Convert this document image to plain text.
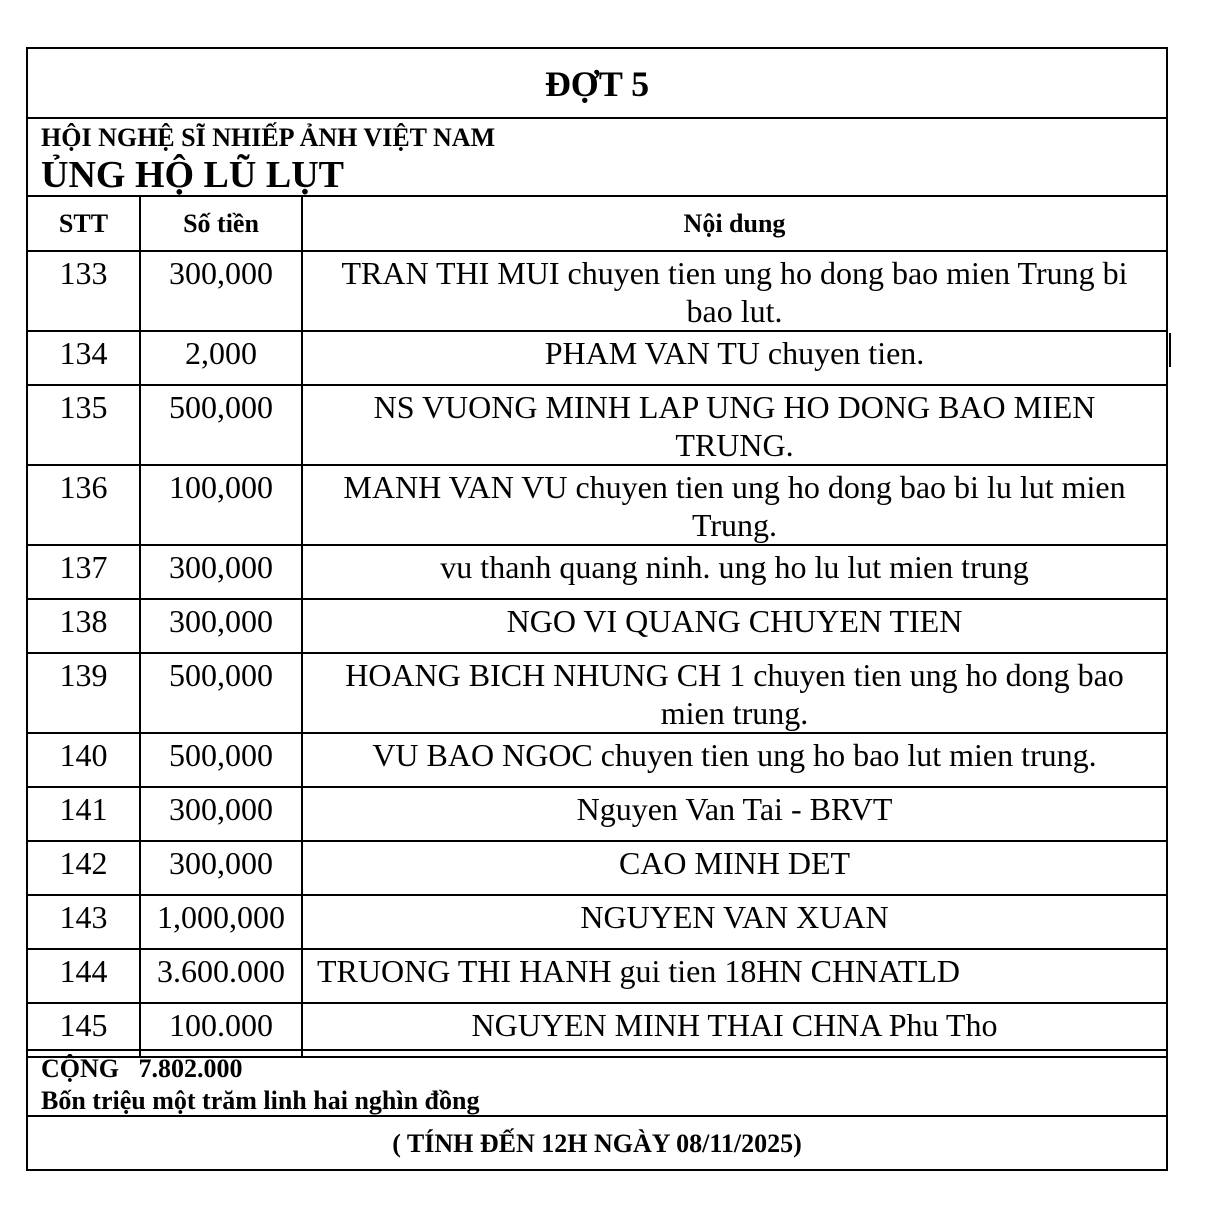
ĐỢT 5
HỘI NGHỆ SĨ NHIẾP ẢNH VIỆT NAM
ỦNG HỘ LŨ LỤT
STT	Số tiền	Nội dung
133	300,000	TRAN THI MUI chuyen tien ung ho dong bao mien Trung bi bao lut.
134	2,000	PHAM VAN TU chuyen tien.
135	500,000	NS VUONG MINH LAP UNG HO DONG BAO MIEN TRUNG.
136	100,000	MANH VAN VU chuyen tien ung ho dong bao bi lu lut mien Trung.
137	300,000	vu thanh quang ninh. ung ho lu lut mien trung
138	300,000	NGO VI QUANG CHUYEN TIEN
139	500,000	HOANG BICH NHUNG CH 1 chuyen tien ung ho dong bao mien trung.
140	500,000	VU BAO NGOC chuyen tien ung ho bao lut mien trung.
141	300,000	Nguyen Van Tai - BRVT
142	300,000	CAO MINH DET
143	1,000,000	NGUYEN VAN XUAN
144	3.600.000	TRUONG THI HANH gui tien 18HN CHNATLD
145	100.000	NGUYEN MINH THAI CHNA Phu Tho
CỘNG 7.802.000
Bốn triệu một trăm linh hai nghìn đồng
( TÍNH ĐẾN 12H NGÀY 08/11/2025)
